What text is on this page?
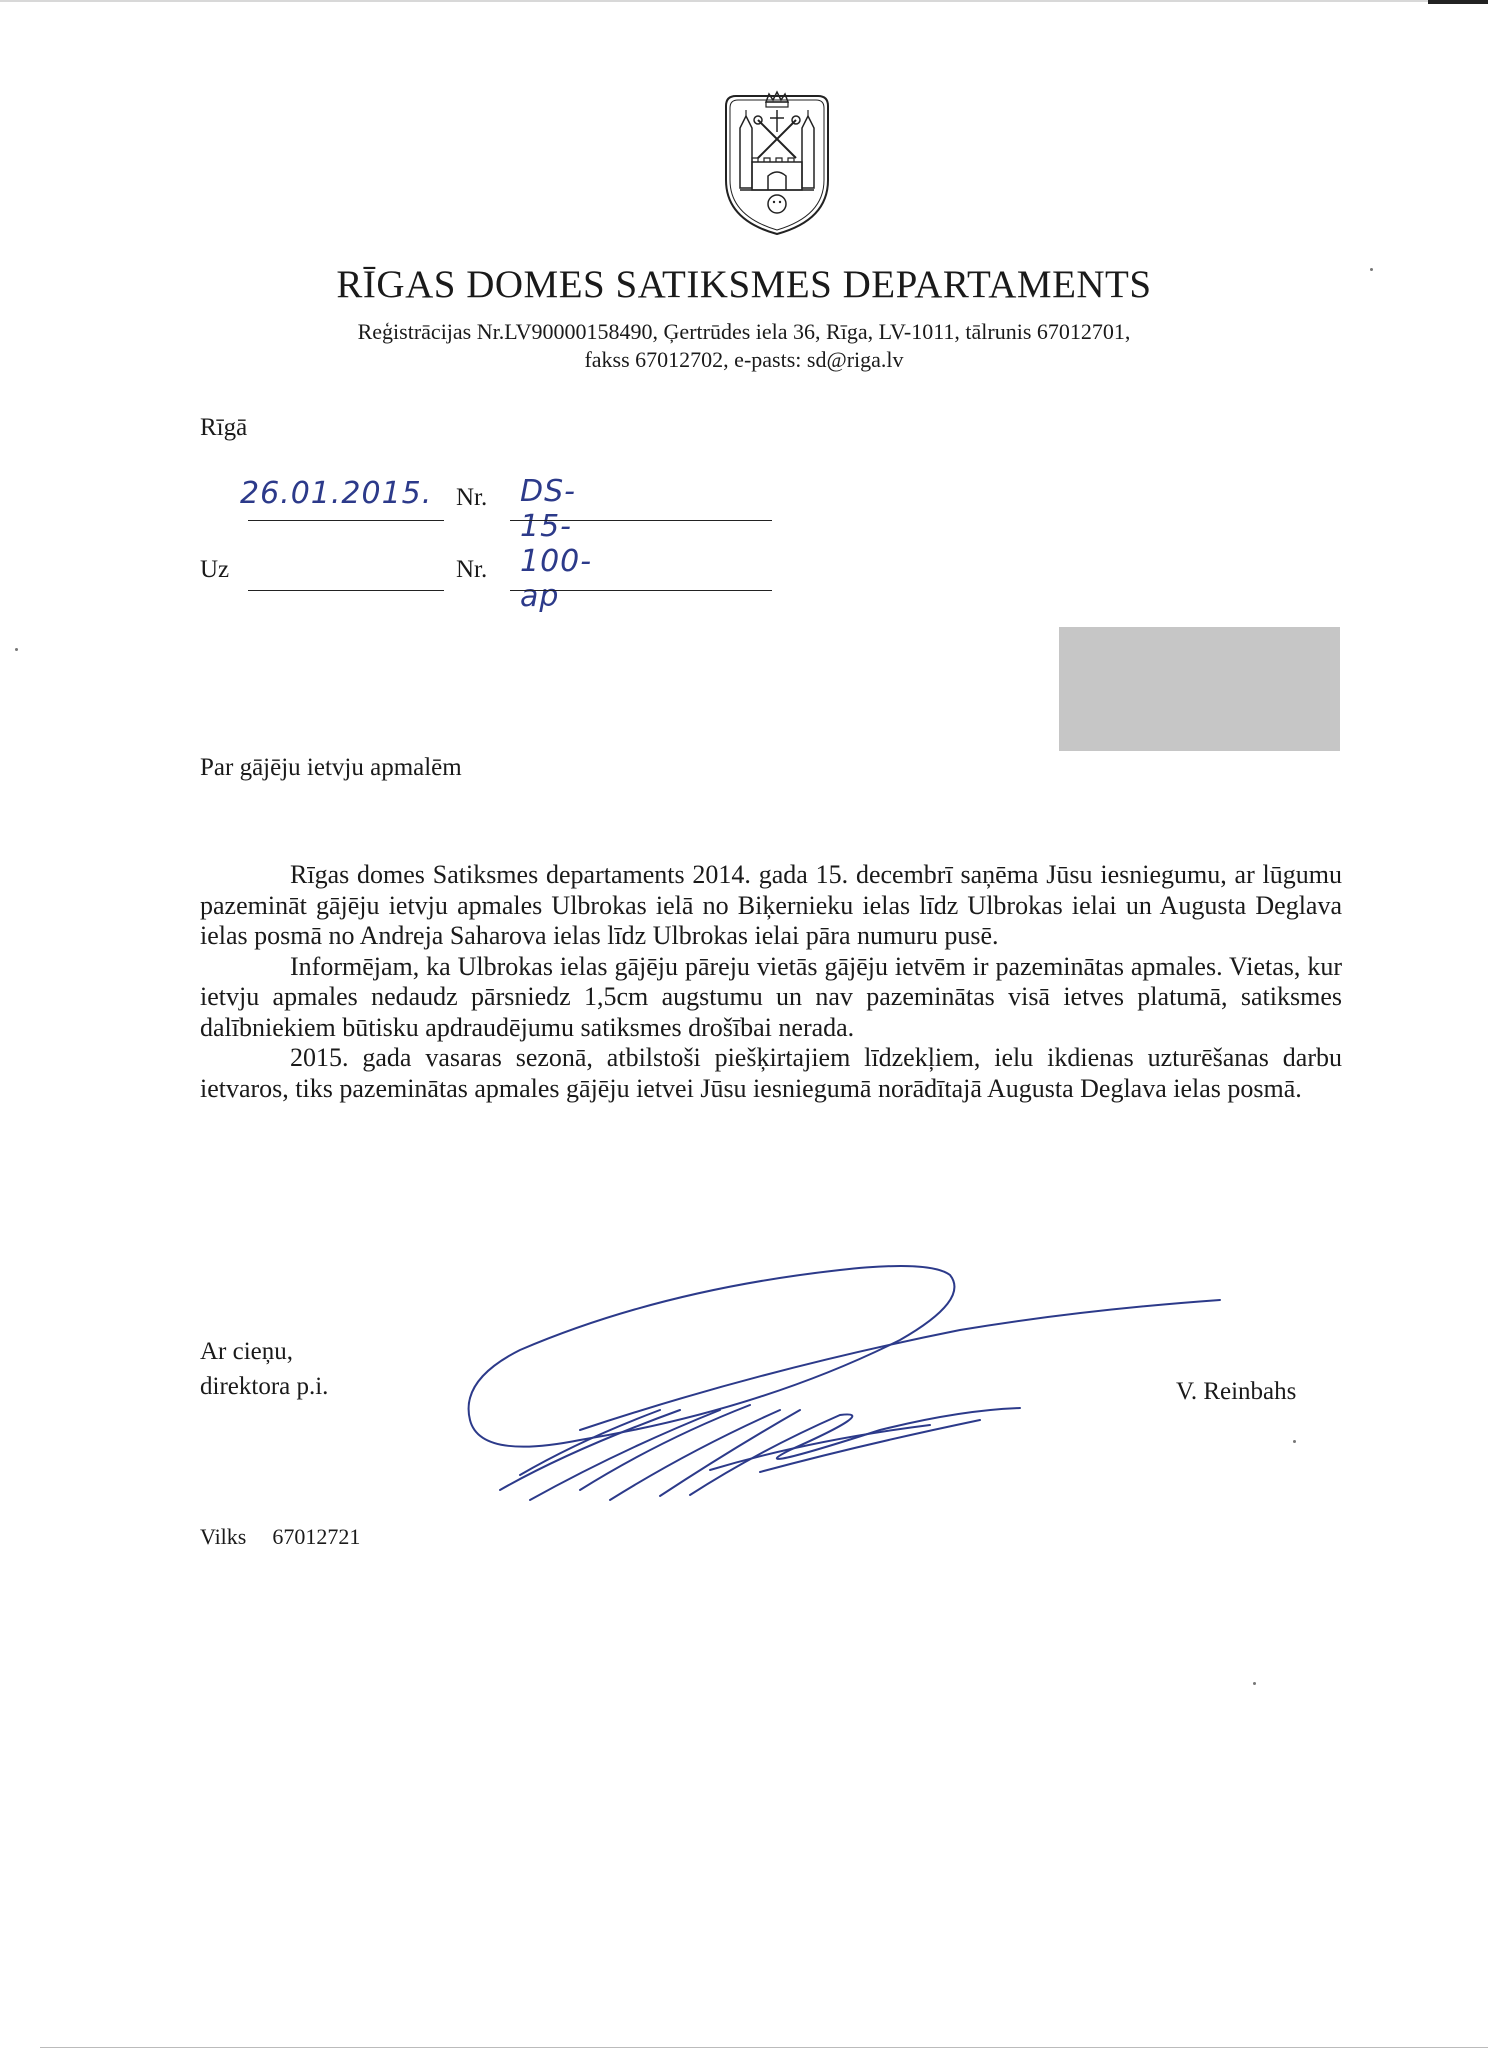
RĪGAS DOMES SATIKSMES DEPARTAMENTS
Reģistrācijas Nr.LV90000158490, Ģertrūdes iela 36, Rīga, LV-1011, tālrunis 67012701,
fakss 67012702, e-pasts: sd@riga.lv
Rīgā
26.01.2015. Nr. DS-15-100-ap
Uz	Nr.
Par gājēju ietvju apmalēm

Rīgas domes Satiksmes departaments 2014. gada 15. decembrī saņēma Jūsu iesniegumu, ar lūgumu pazemināt gājēju ietvju apmales Ulbrokas ielā no Biķernieku ielas līdz Ulbrokas ielai un Augusta Deglava ielas posmā no Andreja Saharova ielas līdz Ulbrokas ielai pāra numuru pusē.

Informējam, ka Ulbrokas ielas gājēju pāreju vietās gājēju ietvēm ir pazeminātas apmales. Vietas, kur ietvju apmales nedaudz pārsniedz 1,5cm augstumu un nav pazeminātas visā ietves platumā, satiksmes dalībniekiem būtisku apdraudējumu satiksmes drošībai nerada.

2015. gada vasaras sezonā, atbilstoši piešķirtajiem līdzekļiem, ielu ikdienas uzturēšanas darbu ietvaros, tiks pazeminātas apmales gājēju ietvei Jūsu iesniegumā norādītajā Augusta Deglava ielas posmā.

Ar cieņu,
direktora p.i.	V. Reinbahs
Vilks 67012721
